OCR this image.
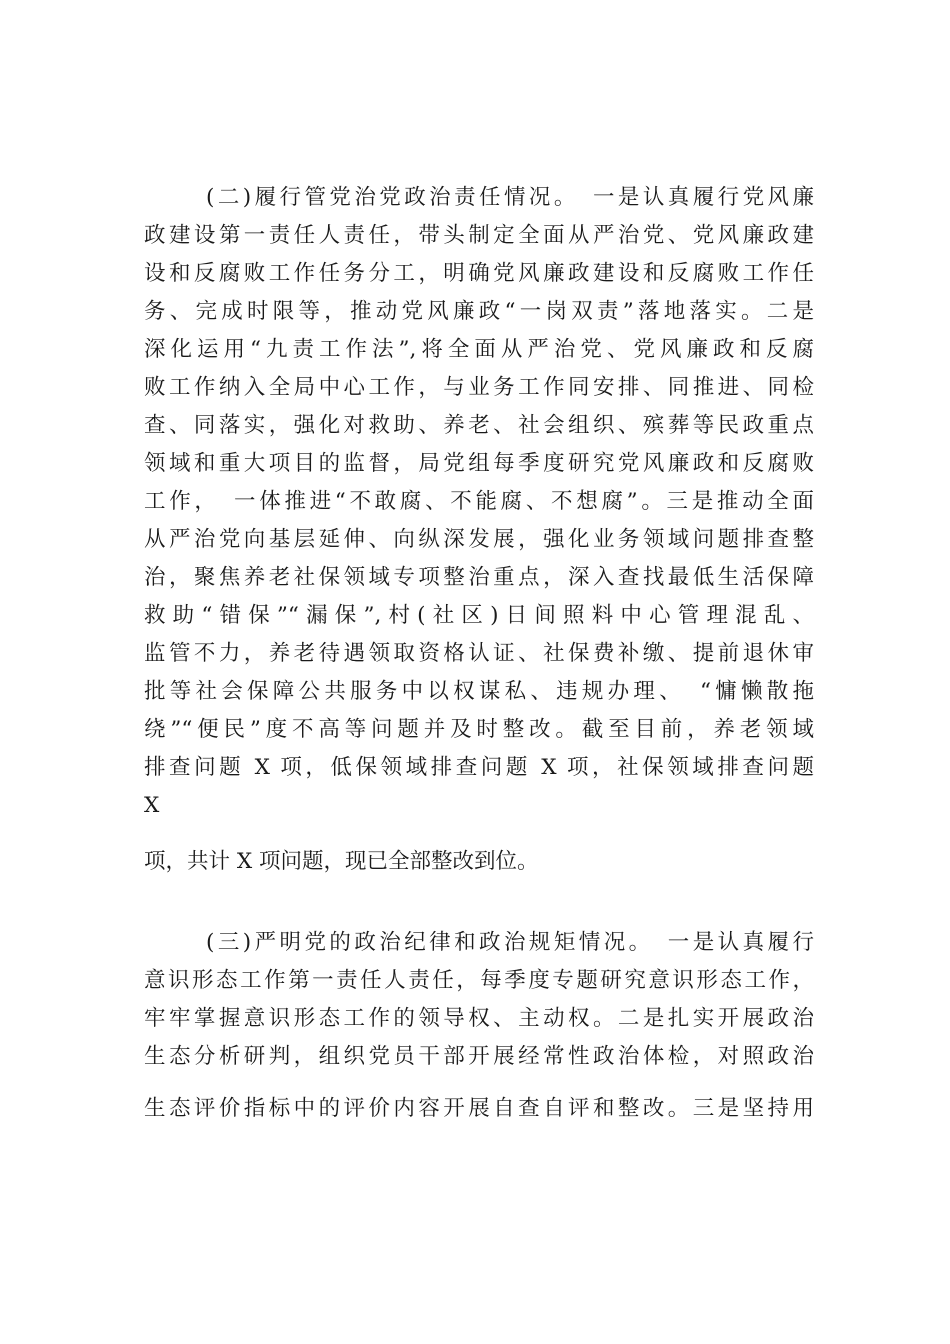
(二)履行管党治党政治责任情况。　一是认真履行党风廉
政建设第一责任人责任，带头制定全面从严治党、党风廉政建
设和反腐败工作任务分工，明确党风廉政建设和反腐败工作任
务、完成时限等，推动党风廉政“一岗双责”落地落实。二是
深化运用“九责工作法”,将全面从严治党、党风廉政和反腐
败工作纳入全局中心工作，与业务工作同安排、同推进、同检
查、同落实，强化对救助、养老、社会组织、殡葬等民政重点
领域和重大项目的监督，局党组每季度研究党风廉政和反腐败
工作，　一体推进“不敢腐、不能腐、不想腐”。三是推动全面
从严治党向基层延伸、向纵深发展，强化业务领域问题排查整
治，聚焦养老社保领域专项整治重点，深入查找最低生活保障
救助“错保”“漏保”,村(社区)日间照料中心管理混乱、
监管不力，养老待遇领取资格认证、社保费补缴、提前退休审
批等社会保障公共服务中以权谋私、违规办理、　“慵懒散拖
绕”“便民”度不高等问题并及时整改。截至目前，养老领域
排查问题 X 项，低保领域排查问题 X 项，社保领域排查问题
X
项，共计 X 项问题，现已全部整改到位。
(三)严明党的政治纪律和政治规矩情况。　一是认真履行
意识形态工作第一责任人责任，每季度专题研究意识形态工作，
牢牢掌握意识形态工作的领导权、主动权。二是扎实开展政治
生态分析研判，组织党员干部开展经常性政治体检，对照政治
生态评价指标中的评价内容开展自查自评和整改。三是坚持用
